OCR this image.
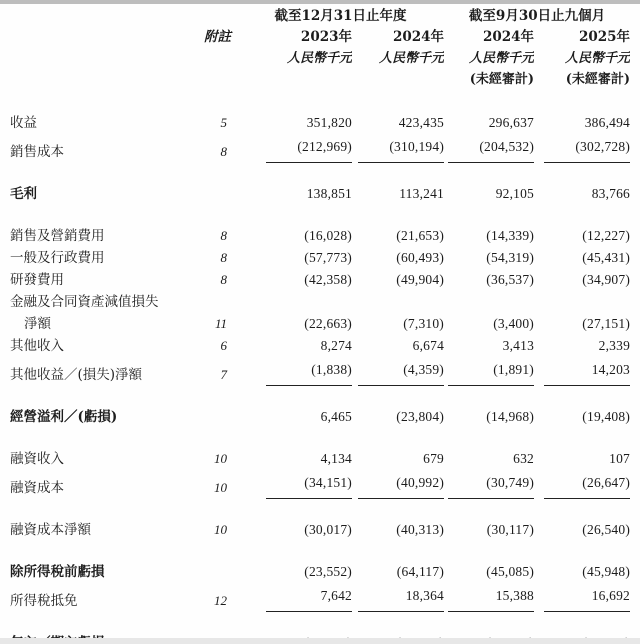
		截至12月31日止年度		截至9月30日止九個月	
	附註	2023年	2024年	2024年	2025年
		人民幣千元	人民幣千元	人民幣千元	人民幣千元
				(未經審計)	(未經審計)

收益	5	351,820	423,435	296,637	386,494
銷售成本	8	(212,969)	(310,194)	(204,532)	(302,728)

毛利		138,851	113,241	92,105	83,766

銷售及營銷費用	8	(16,028)	(21,653)	(14,339)	(12,227)
一般及行政費用	8	(57,773)	(60,493)	(54,319)	(45,431)
研發費用	8	(42,358)	(49,904)	(36,537)	(34,907)
金融及合同資產減值損失					
淨額	11	(22,663)	(7,310)	(3,400)	(27,151)
其他收入	6	8,274	6,674	3,413	2,339
其他收益／(損失)淨額	7	(1,838)	(4,359)	(1,891)	14,203

經營溢利／(虧損)		6,465	(23,804)	(14,968)	(19,408)

融資收入	10	4,134	679	632	107
融資成本	10	(34,151)	(40,992)	(30,749)	(26,647)

融資成本淨額	10	(30,017)	(40,313)	(30,117)	(26,540)

除所得稅前虧損		(23,552)	(64,117)	(45,085)	(45,948)
所得稅抵免	12	7,642	18,364	15,388	16,692
